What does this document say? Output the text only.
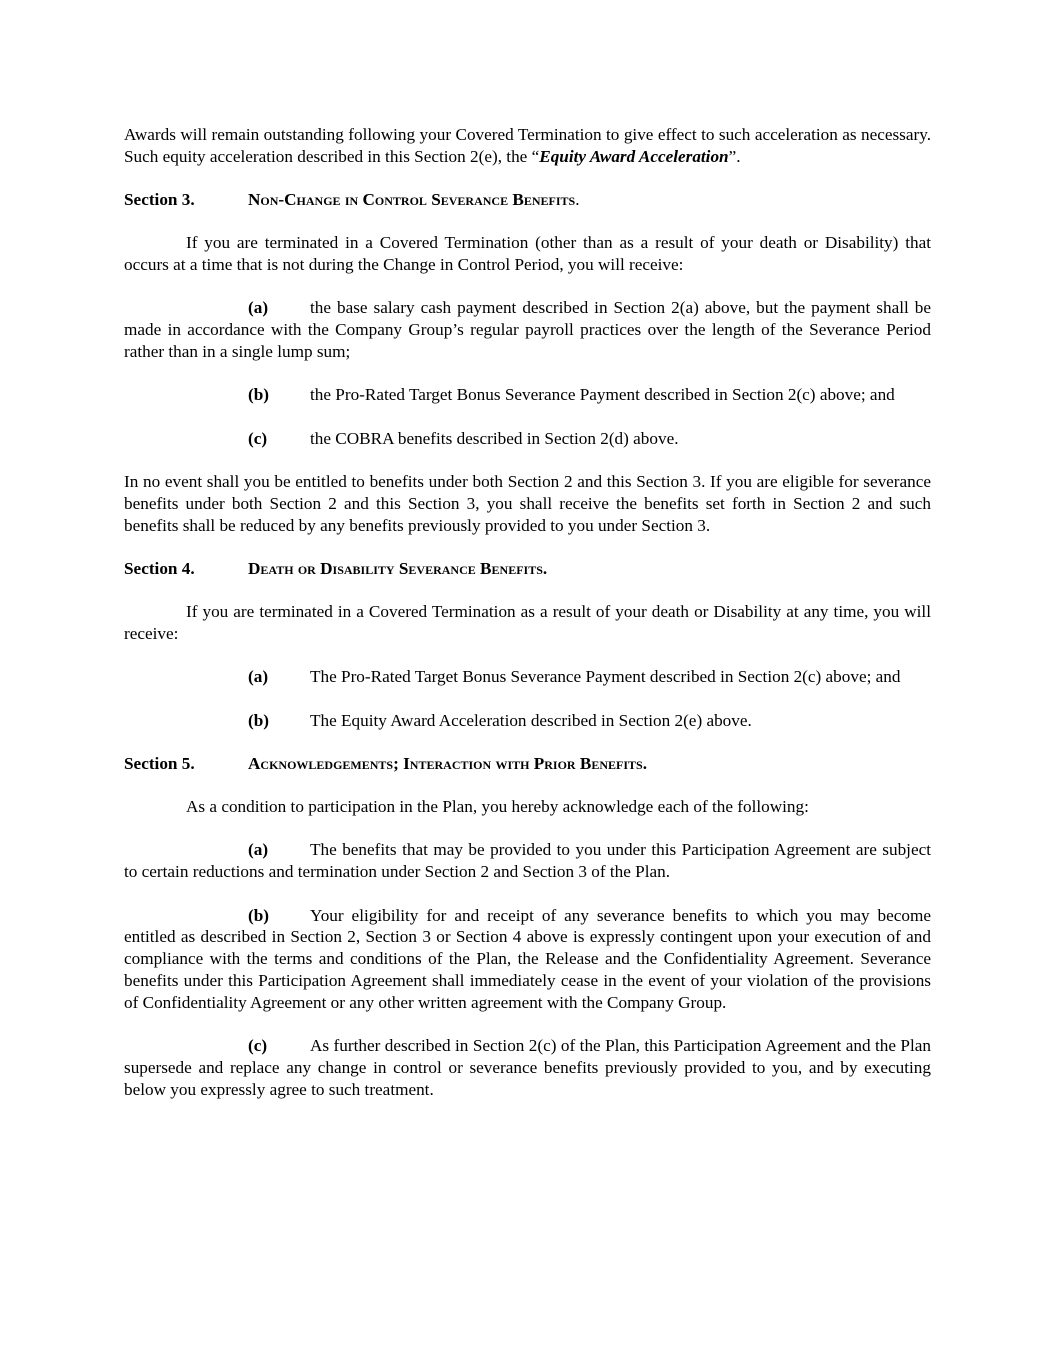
Awards will remain outstanding following your Covered Termination to give effect to such acceleration as necessary. Such equity acceleration described in this Section 2(e), the “Equity Award Acceleration”.

Section 3.	Non-Change in Control Severance Benefits.

If you are terminated in a Covered Termination (other than as a result of your death or Disability) that occurs at a time that is not during the Change in Control Period, you will receive:

(a) the base salary cash payment described in Section 2(a) above, but the payment shall be made in accordance with the Company Group’s regular payroll practices over the length of the Severance Period rather than in a single lump sum;

(b) the Pro-Rated Target Bonus Severance Payment described in Section 2(c) above; and

(c) the COBRA benefits described in Section 2(d) above.

In no event shall you be entitled to benefits under both Section 2 and this Section 3. If you are eligible for severance benefits under both Section 2 and this Section 3, you shall receive the benefits set forth in Section 2 and such benefits shall be reduced by any benefits previously provided to you under Section 3.

Section 4.	Death or Disability Severance Benefits.

If you are terminated in a Covered Termination as a result of your death or Disability at any time, you will receive:

(a) The Pro-Rated Target Bonus Severance Payment described in Section 2(c) above; and

(b) The Equity Award Acceleration described in Section 2(e) above.

Section 5.	Acknowledgements; Interaction with Prior Benefits.

As a condition to participation in the Plan, you hereby acknowledge each of the following:

(a) The benefits that may be provided to you under this Participation Agreement are subject to certain reductions and termination under Section 2 and Section 3 of the Plan.

(b) Your eligibility for and receipt of any severance benefits to which you may become entitled as described in Section 2, Section 3 or Section 4 above is expressly contingent upon your execution of and compliance with the terms and conditions of the Plan, the Release and the Confidentiality Agreement. Severance benefits under this Participation Agreement shall immediately cease in the event of your violation of the provisions of Confidentiality Agreement or any other written agreement with the Company Group.

(c) As further described in Section 2(c) of the Plan, this Participation Agreement and the Plan supersede and replace any change in control or severance benefits previously provided to you, and by executing below you expressly agree to such treatment.
